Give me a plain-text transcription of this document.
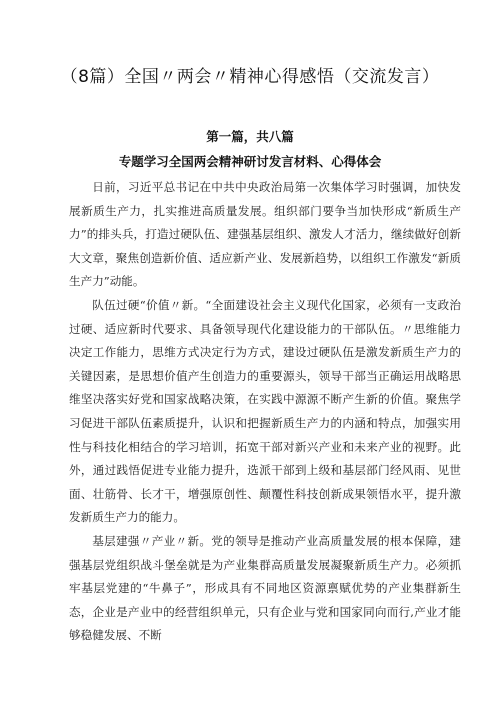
（8篇）全国〃两会〃精神心得感悟（交流发言）
第一篇，共八篇
专题学习全国两会精神研讨发言材料、心得体会

日前，习近平总书记在中共中央政治局第一次集体学习时强调，加快发展新质生产力，扎实推进高质量发展。组织部门要争当加快形成“新质生产力”的排头兵，打造过硬队伍、建强基层组织、激发人才活力，继续做好创新大文章，聚焦创造新价值、适应新产业、发展新趋势，以组织工作激发“新质生产力”动能。

队伍过硬“价值〃新。“全面建设社会主义现代化国家，必须有一支政治过硬、适应新时代要求、具备领导现代化建设能力的干部队伍。〃思维能力决定工作能力，思维方式决定行为方式，建设过硬队伍是激发新质生产力的关键因素，是思想价值产生创造力的重要源头，领导干部当正确运用战略思维坚决落实好党和国家战略决策，在实践中源源不断产生新的价值。聚焦学习促进干部队伍素质提升，认识和把握新质生产力的内涵和特点，加强实用性与科技化相结合的学习培训，拓宽干部对新兴产业和未来产业的视野。此外，通过践悟促进专业能力提升，选派干部到上级和基层部门经风雨、见世面、壮筋骨、长才干，增强原创性、颠覆性科技创新成果领悟水平，提升激发新质生产力的能力。

基层建强〃产业〃新。党的领导是推动产业高质量发展的根本保障，建强基层党组织战斗堡垒就是为产业集群高质量发展凝聚新质生产力。必须抓牢基层党建的“牛鼻子”，形成具有不同地区资源禀赋优势的产业集群新生态，企业是产业中的经营组织单元，只有企业与党和国家同向而行,产业才能够稳健发展、不断
